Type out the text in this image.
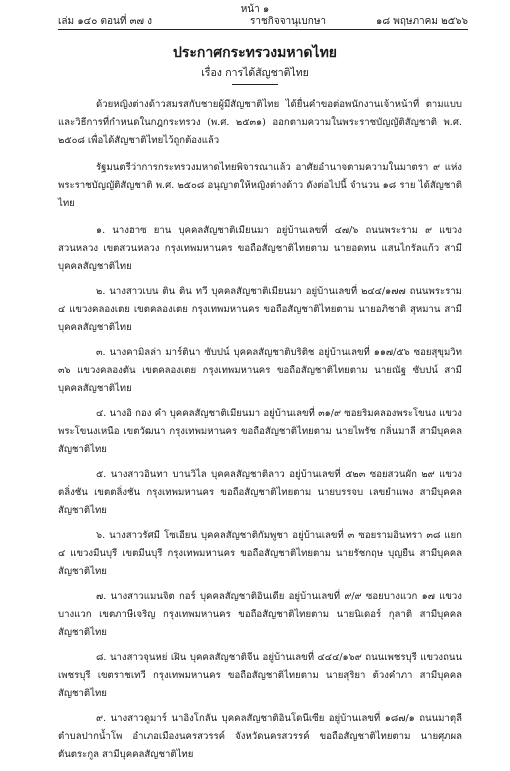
หน้า ๑
เล่ม ๑๔๐ ตอนที่ ๓๗ ง	ราชกิจจานุเบกษา	๑๘ พฤษภาคม ๒๕๖๖
ประกาศกระทรวงมหาดไทย
เรื่อง การได้สัญชาติไทย

ด้วยหญิงต่างด้าวสมรสกับชายผู้มีสัญชาติไทย ได้ยื่นคำขอต่อพนักงานเจ้าหน้าที่ ตามแบบและวิธีการที่กำหนดในกฎกระทรวง (พ.ศ. ๒๕๓๑) ออกตามความในพระราชบัญญัติสัญชาติ พ.ศ. ๒๕๐๘ เพื่อได้สัญชาติไทยไว้ถูกต้องแล้ว

รัฐมนตรีว่าการกระทรวงมหาดไทยพิจารณาแล้ว อาศัยอำนาจตามความในมาตรา ๙ แห่งพระราชบัญญัติสัญชาติ พ.ศ. ๒๕๐๘ อนุญาตให้หญิงต่างด้าว ดังต่อไปนี้ จำนวน ๑๘ ราย ได้สัญชาติไทย

๑. นางฮาซ ยาน บุคคลสัญชาติเมียนมา อยู่บ้านเลขที่ ๔๗/๖ ถนนพระราม ๙ แขวงสวนหลวง เขตสวนหลวง กรุงเทพมหานคร ขอถือสัญชาติไทยตาม นายอดทน แสนไกรัลแก้ว สามีบุคคลสัญชาติไทย

๒. นางสาวเบน ติน ติน ทวี บุคคลสัญชาติเมียนมา อยู่บ้านเลขที่ ๒๔๔/๑๗๗ ถนนพระราม ๔ แขวงคลองเตย เขตคลองเตย กรุงเทพมหานคร ขอถือสัญชาติไทยตาม นายอภิชาติ สุหมาน สามีบุคคลสัญชาติไทย

๓. นางคามิลล่า มาร์ตินา ซับปน์ บุคคลสัญชาติบริติช อยู่บ้านเลขที่ ๑๑๗/๕๖ ซอยสุขุมวิท ๓๖ แขวงคลองตัน เขตคลองเตย กรุงเทพมหานคร ขอถือสัญชาติไทยตาม นายณัฐ ซับปน์ สามีบุคคลสัญชาติไทย

๔. นางอิ กอง คำ บุคคลสัญชาติเมียนมา อยู่บ้านเลขที่ ๓๑/๙ ซอยริมคลองพระโขนง แขวงพระโขนงเหนือ เขตวัฒนา กรุงเทพมหานคร ขอถือสัญชาติไทยตาม นายไพรัช กลิ่นมาลี สามีบุคคลสัญชาติไทย

๕. นางสาวอินทา บานวิไล บุคคลสัญชาติลาว อยู่บ้านเลขที่ ๕๒๓ ซอยสวนผัก ๒๙ แขวงตลิ่งชัน เขตตลิ่งชัน กรุงเทพมหานคร ขอถือสัญชาติไทยตาม นายบรรจบ เลขยำแพง สามีบุคคลสัญชาติไทย

๖. นางสาวรัศมี โซเอียน บุคคลสัญชาติกัมพูชา อยู่บ้านเลขที่ ๓ ซอยรามอินทรา ๓๘ แยก ๔ แขวงมีนบุรี เขตมีนบุรี กรุงเทพมหานคร ขอถือสัญชาติไทยตาม นายรัชกฤษ บุญยืน สามีบุคคลสัญชาติไทย

๗. นางสาวแมนจิต กอร์ บุคคลสัญชาติอินเดีย อยู่บ้านเลขที่ ๙/๙ ซอยบางแวก ๑๗ แขวงบางแวก เขตภาษีเจริญ กรุงเทพมหานคร ขอถือสัญชาติไทยตาม นายนิเดอร์ กุลาติ สามีบุคคลสัญชาติไทย

๘. นางสาวจุนหย่ เฝิน บุคคลสัญชาติจีน อยู่บ้านเลขที่ ๔๔๔/๑๖๙ ถนนเพชรบุรี แขวงถนนเพชรบุรี เขตราชเทวี กรุงเทพมหานคร ขอถือสัญชาติไทยตาม นายสุริยา ต้วงคำภา สามีบุคคลสัญชาติไทย

๙. นางสาวดูมาร์ นาอิงโกลัน บุคคลสัญชาติอินโดนีเซีย อยู่บ้านเลขที่ ๑๘๗/๑ ถนนมาตุลี ตำบลปากน้ำโพ อำเภอเมืองนครสวรรค์ จังหวัดนครสวรรค์ ขอถือสัญชาติไทยตาม นายศุภผล ตันตระกูล สามีบุคคลสัญชาติไทย
